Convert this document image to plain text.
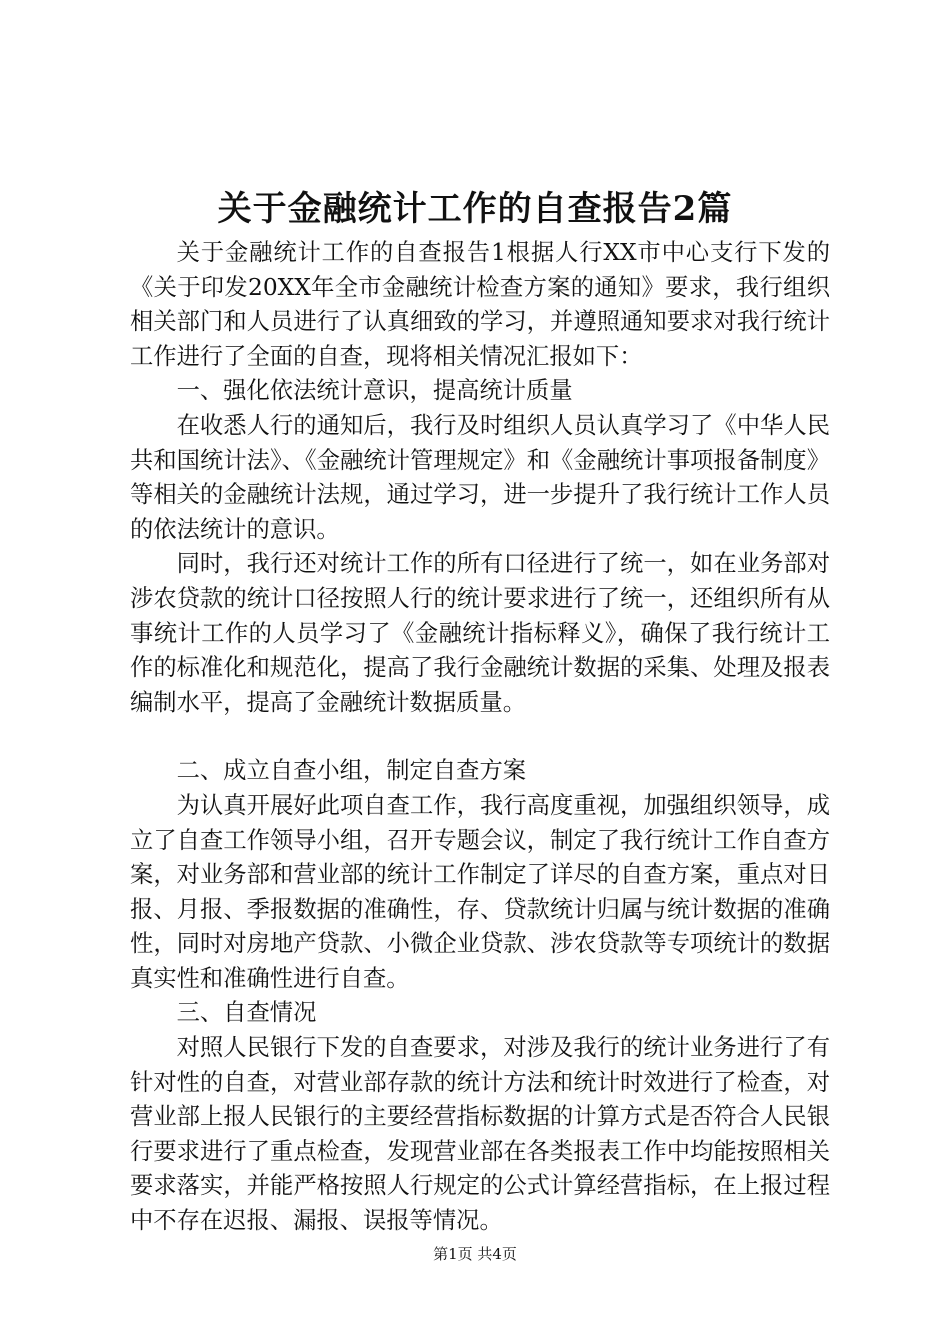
关于金融统计工作的自查报告2篇

关于金融统计工作的自查报告1根据人行XX市中心支行下发的《关于印发20XX年全市金融统计检查方案的通知》要求，我行组织相关部门和人员进行了认真细致的学习，并遵照通知要求对我行统计工作进行了全面的自查，现将相关情况汇报如下：

一、强化依法统计意识，提高统计质量

在收悉人行的通知后，我行及时组织人员认真学习了《中华人民共和国统计法》、《金融统计管理规定》和《金融统计事项报备制度》等相关的金融统计法规，通过学习，进一步提升了我行统计工作人员的依法统计的意识。

同时，我行还对统计工作的所有口径进行了统一，如在业务部对涉农贷款的统计口径按照人行的统计要求进行了统一，还组织所有从事统计工作的人员学习了《金融统计指标释义》，确保了我行统计工作的标准化和规范化，提高了我行金融统计数据的采集、处理及报表编制水平，提高了金融统计数据质量。

二、成立自查小组，制定自查方案

为认真开展好此项自查工作，我行高度重视，加强组织领导，成立了自查工作领导小组，召开专题会议，制定了我行统计工作自查方案，对业务部和营业部的统计工作制定了详尽的自查方案，重点对日报、月报、季报数据的准确性，存、贷款统计归属与统计数据的准确性，同时对房地产贷款、小微企业贷款、涉农贷款等专项统计的数据真实性和准确性进行自查。

三、自查情况

对照人民银行下发的自查要求，对涉及我行的统计业务进行了有针对性的自查，对营业部存款的统计方法和统计时效进行了检查，对营业部上报人民银行的主要经营指标数据的计算方式是否符合人民银行要求进行了重点检查，发现营业部在各类报表工作中均能按照相关要求落实，并能严格按照人行规定的公式计算经营指标，在上报过程中不存在迟报、漏报、误报等情况。

第1页 共4页
